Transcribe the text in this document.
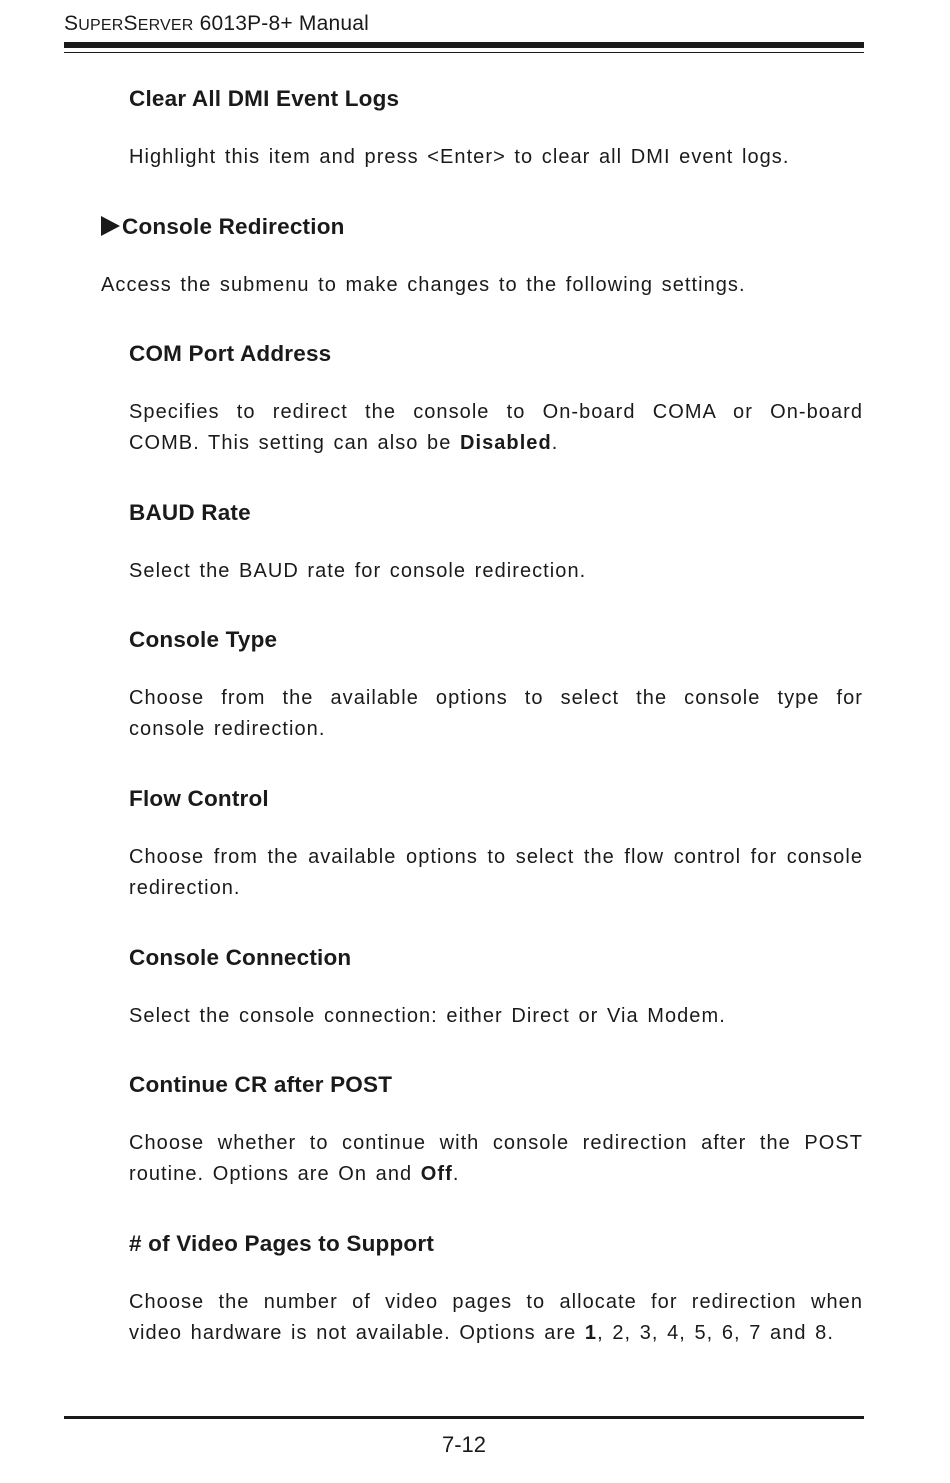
SUPERSERVER 6013P-8+ Manual
Clear All DMI Event Logs
Highlight this item and press <Enter> to clear all DMI event logs.
Console Redirection
Access the submenu to make changes to the following settings.
COM Port Address
Specifies to redirect the console to On-board COMA or On-board COMB. This setting can also be Disabled.
BAUD Rate
Select the BAUD rate for console redirection.
Console Type
Choose from the available options to select the console type for console redirection.
Flow Control
Choose from the available options to select the flow control for console redirection.
Console Connection
Select the console connection: either Direct or Via Modem.
Continue CR after POST
Choose whether to continue with console redirection after the POST routine. Options are On and Off.
# of Video Pages to Support
Choose the number of video pages to allocate for redirection when video hardware is not available. Options are 1, 2, 3, 4, 5, 6, 7 and 8.
7-12
